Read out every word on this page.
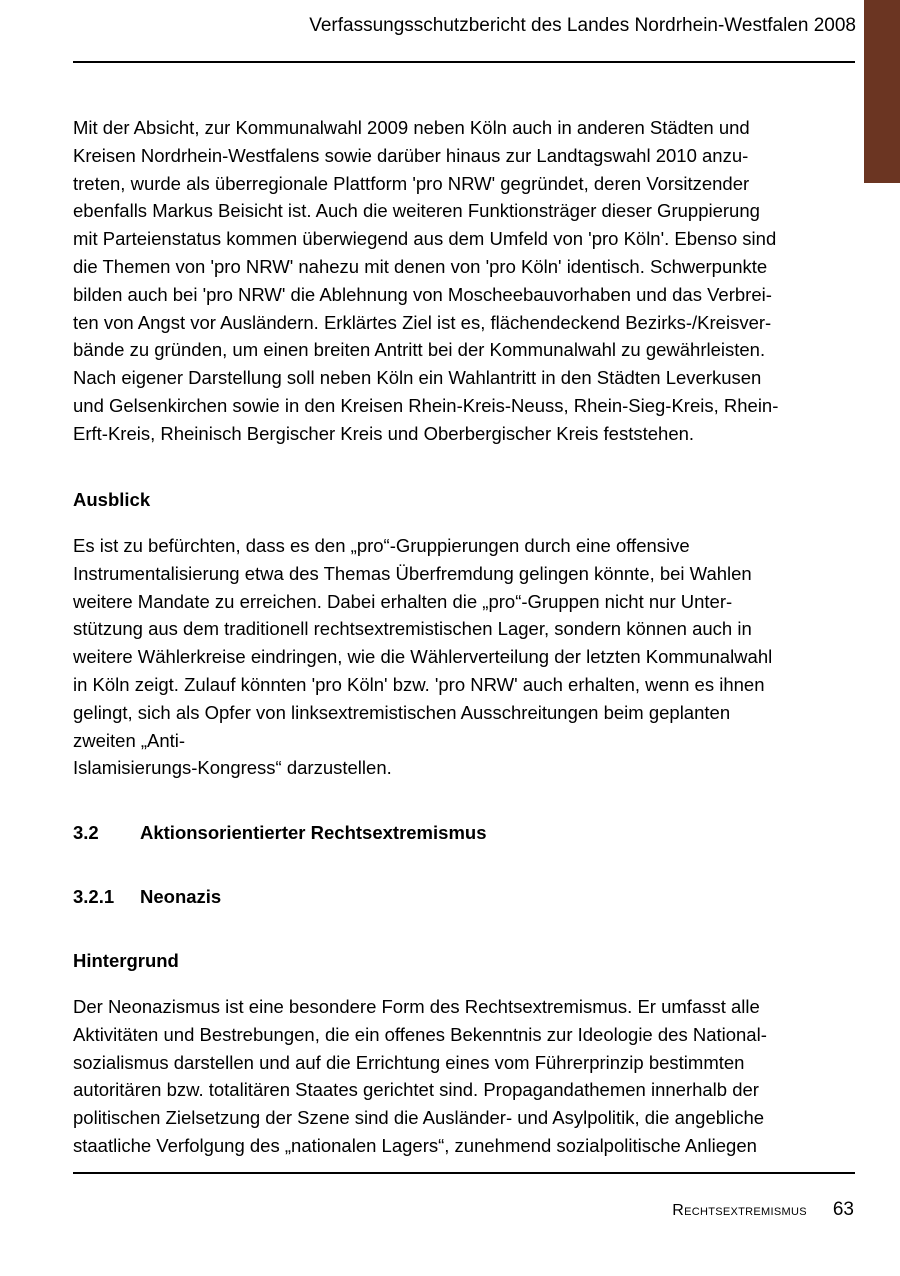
Verfassungsschutzbericht des Landes Nordrhein-Westfalen 2008
Mit der Absicht, zur Kommunalwahl 2009 neben Köln auch in anderen Städten und
Kreisen Nordrhein-Westfalens sowie darüber hinaus zur Landtagswahl 2010 anzu-
treten, wurde als überregionale Plattform 'pro NRW' gegründet, deren Vorsitzender
ebenfalls Markus Beisicht ist. Auch die weiteren Funktionsträger dieser Gruppierung
mit Parteienstatus kommen überwiegend aus dem Umfeld von 'pro Köln'. Ebenso sind
die Themen von 'pro NRW' nahezu mit denen von 'pro Köln' identisch. Schwerpunkte
bilden auch bei 'pro NRW' die Ablehnung von Moscheebauvorhaben und das Verbrei-
ten von Angst vor Ausländern. Erklärtes Ziel ist es, flächendeckend Bezirks-/Kreisver-
bände zu gründen, um einen breiten Antritt bei der Kommunalwahl zu gewährleisten.
Nach eigener Darstellung soll neben Köln ein Wahlantritt in den Städten Leverkusen
und Gelsenkirchen sowie in den Kreisen Rhein-Kreis-Neuss, Rhein-Sieg-Kreis, Rhein-
Erft-Kreis, Rheinisch Bergischer Kreis und Oberbergischer Kreis feststehen.
Ausblick
Es ist zu befürchten, dass es den „pro“-Gruppierungen durch eine offensive
Instrumentalisierung etwa des Themas Überfremdung gelingen könnte, bei Wahlen
weitere Mandate zu erreichen. Dabei erhalten die „pro“-Gruppen nicht nur Unter-
stützung aus dem traditionell rechtsextremistischen Lager, sondern können auch in
weitere Wählerkreise eindringen, wie die Wählerverteilung der letzten Kommunalwahl
in Köln zeigt. Zulauf könnten 'pro Köln' bzw. 'pro NRW' auch erhalten, wenn es ihnen
gelingt, sich als Opfer von linksextremistischen Ausschreitungen beim geplanten
zweiten „Anti-
Islamisierungs-Kongress“ darzustellen.
3.2 Aktionsorientierter Rechtsextremismus
3.2.1 Neonazis
Hintergrund
Der Neonazismus ist eine besondere Form des Rechtsextremismus. Er umfasst alle
Aktivitäten und Bestrebungen, die ein offenes Bekenntnis zur Ideologie des National-
sozialismus darstellen und auf die Errichtung eines vom Führerprinzip bestimmten
autoritären bzw. totalitären Staates gerichtet sind. Propagandathemen innerhalb der
politischen Zielsetzung der Szene sind die Ausländer- und Asylpolitik, die angebliche
staatliche Verfolgung des „nationalen Lagers“, zunehmend sozialpolitische Anliegen
Rechtsextremismus 63
